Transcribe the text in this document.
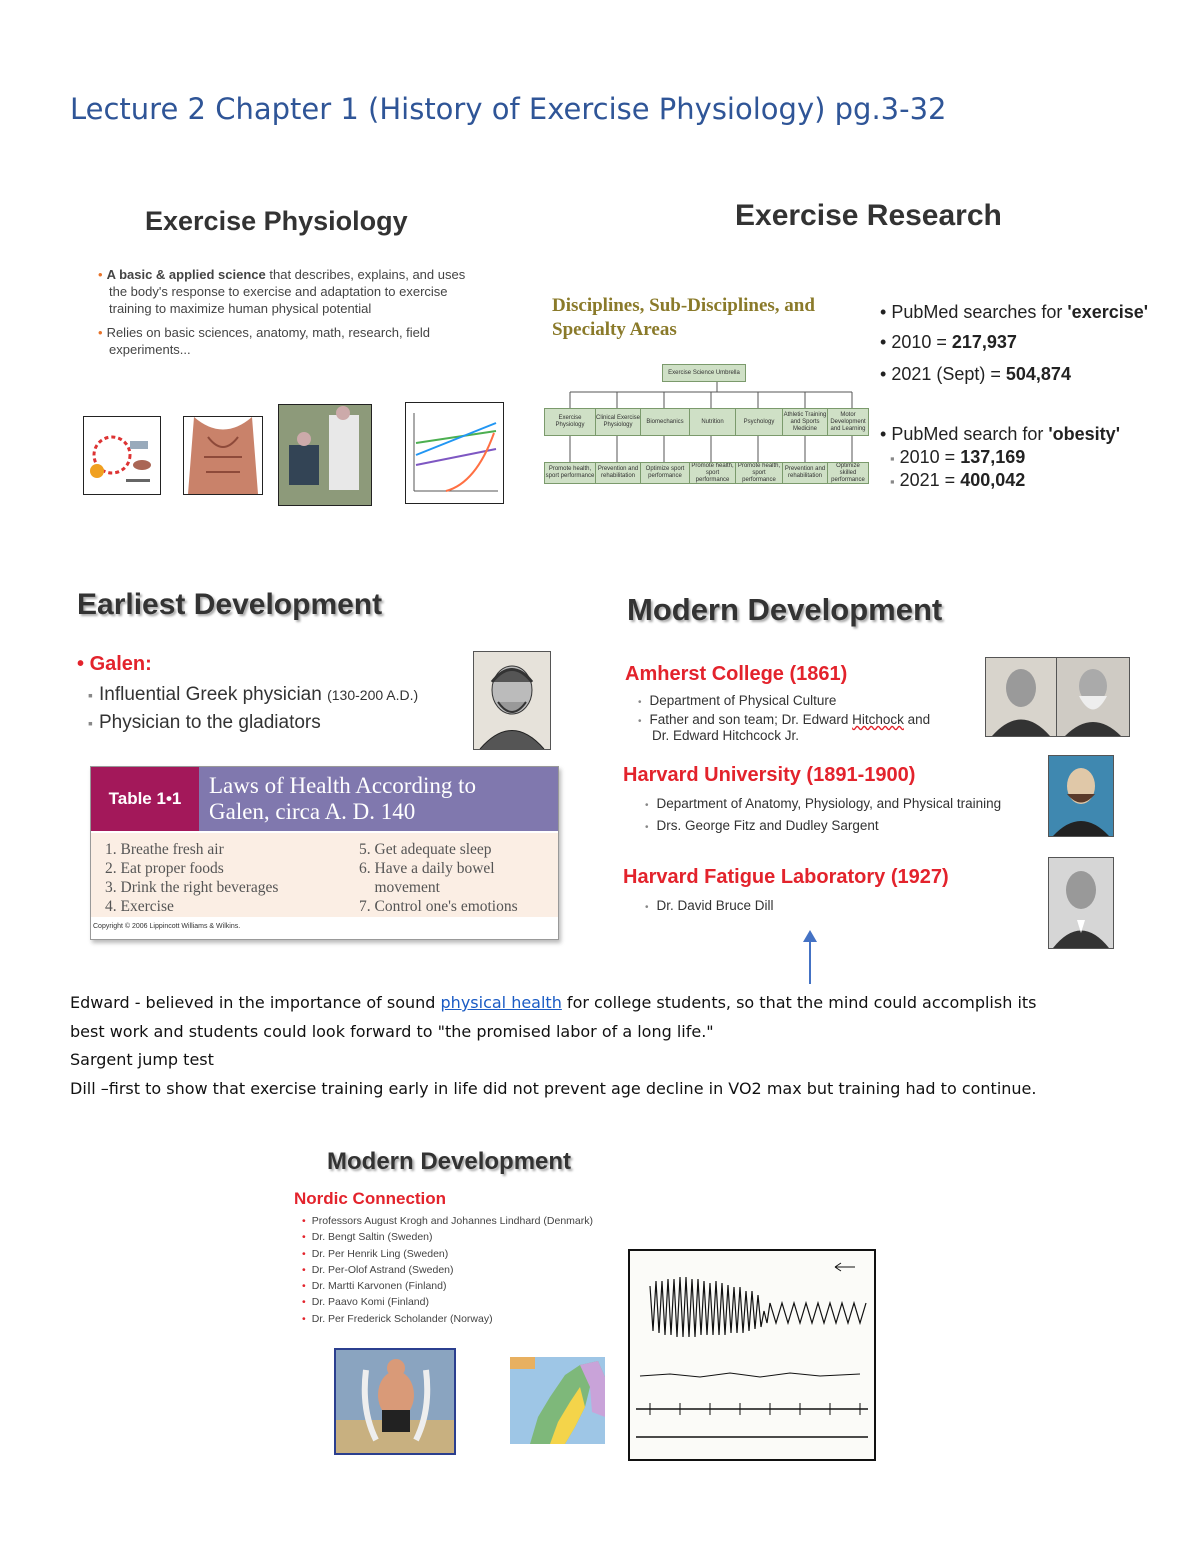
Lecture 2 Chapter 1 (History of Exercise Physiology) pg.3-32
Exercise Physiology
• A basic & applied science that describes, explains, and uses
the body's response to exercise and adaptation to exercise
training to maximize human physical potential
• Relies on basic sciences, anatomy, math, research, field
experiments...
Exercise Research
Disciplines, Sub-Disciplines, and
Specialty Areas
Exercise Science Umbrella
Exercise Physiology
Clinical Exercise Physiology
Biomechanics	Nutrition	Psychology
Athletic Training and Sports Medicine
Motor Development and Learning
Promote health, sport performance
Prevention and rehabilitation
Optimize sport performance
Promote health, sport performance
Promote health, sport performance
Prevention and rehabilitation
Optimize skilled performance
• PubMed searches for 'exercise'
• 2010 = 217,937
• 2021 (Sept) = 504,874
• PubMed search for 'obesity'
▪ 2010 = 137,169
▪ 2021 = 400,042
Earliest Development
• Galen:
▪ Influential Greek physician (130-200 A.D.)
▪ Physician to the gladiators
Table 1•1
Laws of Health According to
Galen, circa A. D. 140
1. Breathe fresh air
2. Eat proper foods
3. Drink the right beverages
4. Exercise
5. Get adequate sleep
6. Have a daily bowel
movement
7. Control one's emotions
Copyright © 2006 Lippincott Williams & Wilkins.
Modern Development
Amherst College (1861)
• Department of Physical Culture
• Father and son team; Dr. Edward Hitchock and
Dr. Edward Hitchcock Jr.
Harvard University (1891-1900)
• Department of Anatomy, Physiology, and Physical training
• Drs. George Fitz and Dudley Sargent
Harvard Fatigue Laboratory (1927)
• Dr. David Bruce Dill
Edward - believed in the importance of sound physical health for college students, so that the mind could accomplish its
best work and students could look forward to "the promised labor of a long life."
Sargent jump test
Dill –first to show that exercise training early in life did not prevent age decline in VO2 max but training had to continue.
Modern Development
Nordic Connection
• Professors August Krogh and Johannes Lindhard (Denmark)
• Dr. Bengt Saltin (Sweden)
• Dr. Per Henrik Ling (Sweden)
• Dr. Per-Olof Astrand (Sweden)
• Dr. Martti Karvonen (Finland)
• Dr. Paavo Komi (Finland)
• Dr. Per Frederick Scholander (Norway)
